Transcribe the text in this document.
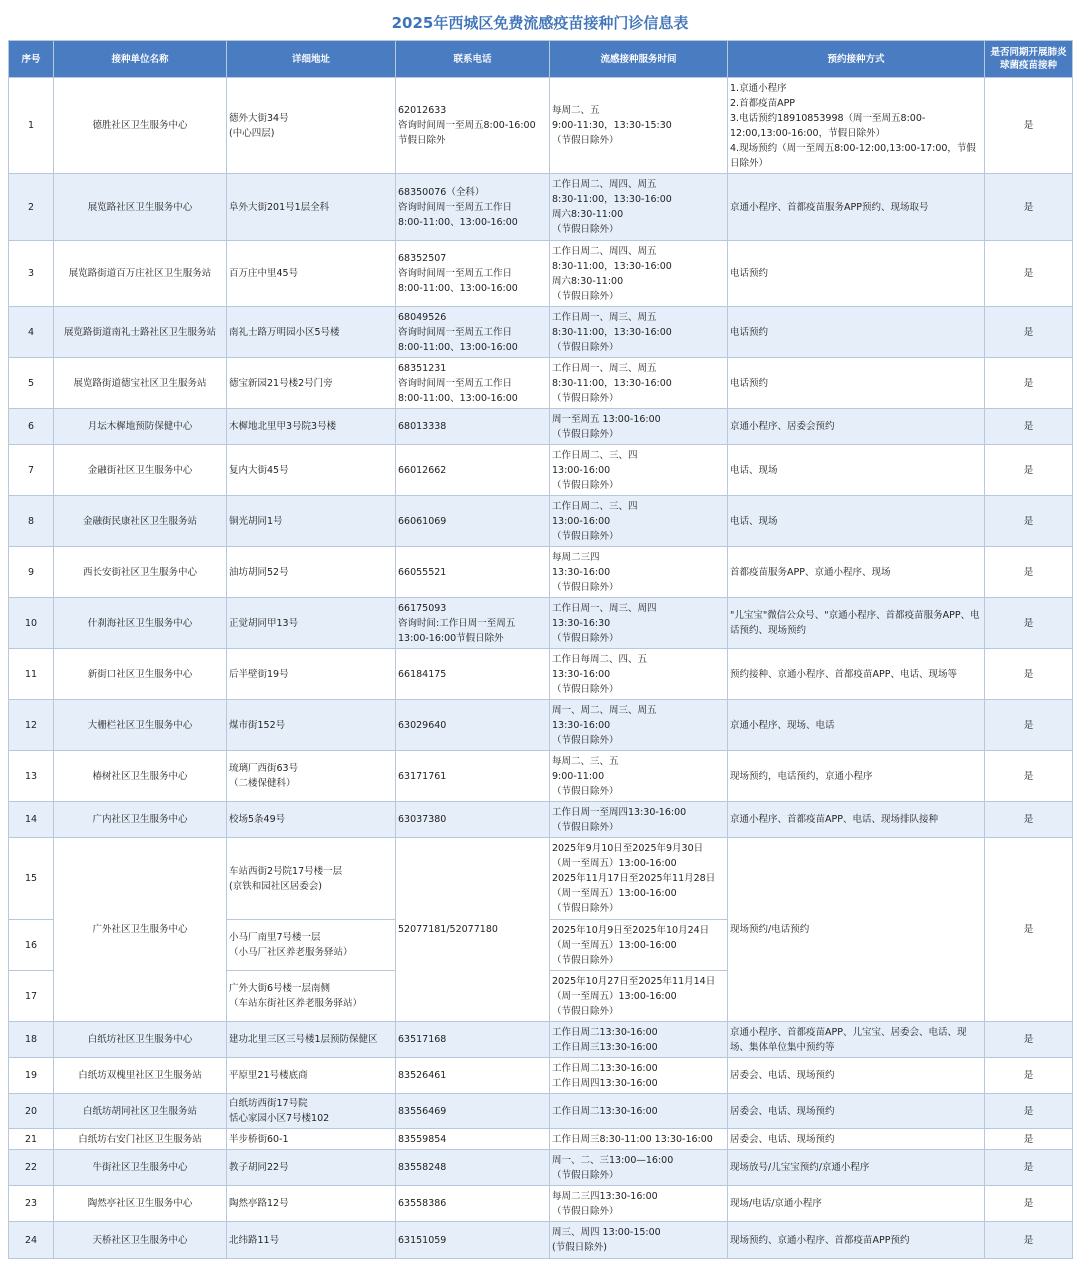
2025年西城区免费流感疫苗接种门诊信息表
序号	接种单位名称	详细地址	联系电话	流感接种服务时间	预约接种方式	是否同期开展肺炎球菌疫苗接种
1	德胜社区卫生服务中心	德外大街34号
(中心四层)	62012633
咨询时间周一至周五8:00-16:00
节假日除外	每周二、五
9:00-11:30，13:30-15:30
（节假日除外）	1.京通小程序
2.首都疫苗APP
3.电话预约18910853998（周一至周五8:00-12:00,13:00-16:00，节假日除外）
4.现场预约（周一至周五8:00-12:00,13:00-17:00，节假日除外）	是
2	展览路社区卫生服务中心	阜外大街201号1层全科	68350076（全科）
咨询时间周一至周五工作日
8:00-11:00、13:00-16:00	工作日周二、周四、周五
8:30-11:00，13:30-16:00
周六8:30-11:00
（节假日除外）	京通小程序、首都疫苗服务APP预约、现场取号	是
3	展览路街道百万庄社区卫生服务站	百万庄中里45号	68352507
咨询时间周一至周五工作日
8:00-11:00、13:00-16:00	工作日周二、周四、周五
8:30-11:00，13:30-16:00
周六8:30-11:00
（节假日除外）	电话预约	是
4	展览路街道南礼士路社区卫生服务站	南礼士路万明园小区5号楼	68049526
咨询时间周一至周五工作日
8:00-11:00、13:00-16:00	工作日周一、周三、周五
8:30-11:00，13:30-16:00
（节假日除外）	电话预约	是
5	展览路街道德宝社区卫生服务站	德宝新园21号楼2号门旁	68351231
咨询时间周一至周五工作日
8:00-11:00、13:00-16:00	工作日周一、周三、周五
8:30-11:00，13:30-16:00
（节假日除外）	电话预约	是
6	月坛木樨地预防保健中心	木樨地北里甲3号院3号楼	68013338	周一至周五 13:00-16:00
（节假日除外）	京通小程序、居委会预约	是
7	金融街社区卫生服务中心	复内大街45号	66012662	工作日周二、三、四
13:00-16:00
（节假日除外）	电话、现场	是
8	金融街民康社区卫生服务站	铜光胡同1号	66061069	工作日周二、三、四
13:00-16:00
（节假日除外）	电话、现场	是
9	西长安街社区卫生服务中心	油坊胡同52号	66055521	每周二三四
13:30-16:00
（节假日除外）	首都疫苗服务APP、京通小程序、现场	是
10	什刹海社区卫生服务中心	正觉胡同甲13号	66175093
咨询时间:工作日周一至周五
13:00-16:00节假日除外	工作日周一、周三、周四
13:30-16:30
（节假日除外）	"儿宝宝"微信公众号、"京通小程序、首都疫苗服务APP、电话预约、现场预约	是
11	新街口社区卫生服务中心	后半壁街19号	66184175	工作日每周二、四、五
13:30-16:00
（节假日除外）	预约接种、京通小程序、首都疫苗APP、电话、现场等	是
12	大栅栏社区卫生服务中心	煤市街152号	63029640	周一、周二、周三、周五
13:30-16:00
（节假日除外）	京通小程序、现场、电话	是
13	椿树社区卫生服务中心	琉璃厂西街63号
（二楼保健科）	63171761	每周二、三、五
9:00-11:00
（节假日除外）	现场预约，电话预约，京通小程序	是
14	广内社区卫生服务中心	校场5条49号	63037380	工作日周一至周四13:30-16:00
（节假日除外）	京通小程序、首都疫苗APP、电话、现场排队接种	是
15	广外社区卫生服务中心	车站西街2号院17号楼一层
(京铁和园社区居委会)	52077181/52077180	2025年9月10日至2025年9月30日
（周一至周五）13:00-16:00
2025年11月17日至2025年11月28日
（周一至周五）13:00-16:00
（节假日除外）	现场预约/电话预约	是
16		小马厂南里7号楼一层
（小马厂社区养老服务驿站）		2025年10月9日至2025年10月24日
（周一至周五）13:00-16:00
（节假日除外）		

17		广外大街6号楼一层南侧
（车站东街社区养老服务驿站）		2025年10月27日至2025年11月14日
（周一至周五）13:00-16:00
（节假日除外）		

18	白纸坊社区卫生服务中心	建功北里三区三号楼1层预防保健区	63517168	工作日周二13:30-16:00
工作日周三13:30-16:00	京通小程序、首都疫苗APP、儿宝宝、居委会、电话、现场、集体单位集中预约等	是
19	白纸坊双槐里社区卫生服务站	平原里21号楼底商	83526461	工作日周二13:30-16:00
工作日周四13:30-16:00	居委会、电话、现场预约	是
20	白纸坊胡同社区卫生服务站	白纸坊西街17号院
恬心家园小区7号楼102	83556469	工作日周二13:30-16:00	居委会、电话、现场预约	是
21	白纸坊右安门社区卫生服务站	半步桥街60-1	83559854	工作日周三8:30-11:00 13:30-16:00	居委会、电话、现场预约	是
22	牛街社区卫生服务中心	教子胡同22号	83558248	周一、二、三13:00—16:00
（节假日除外）	现场放号/儿宝宝预约/京通小程序	是
23	陶然亭社区卫生服务中心	陶然亭路12号	63558386	每周二三四13:30-16:00
（节假日除外）	现场/电话/京通小程序	是
24	天桥社区卫生服务中心	北纬路11号	63151059	周三、周四 13:00-15:00
(节假日除外)	现场预约、京通小程序、首都疫苗APP预约	是
